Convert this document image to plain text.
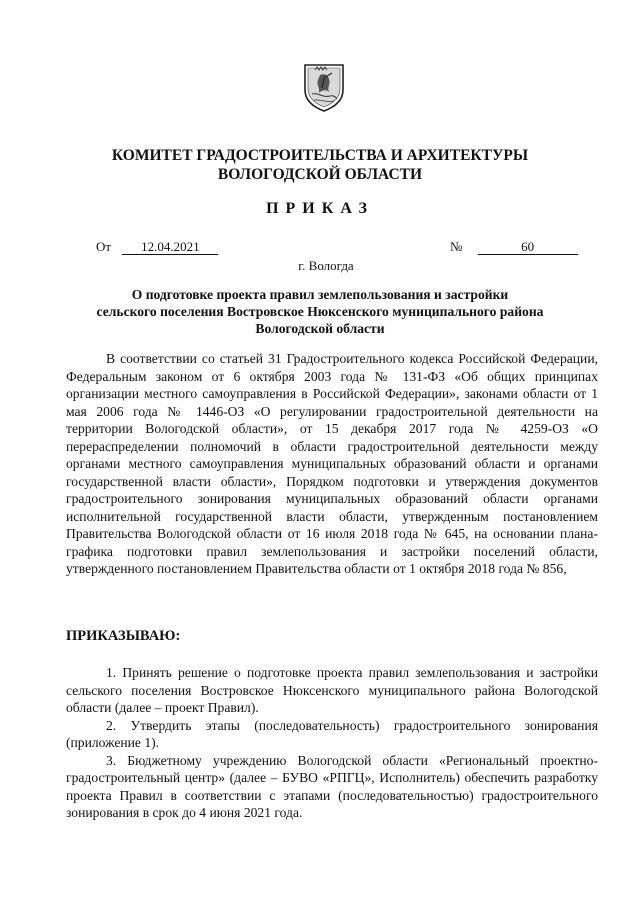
КОМИТЕТ ГРАДОСТРОИТЕЛЬСТВА И АРХИТЕКТУРЫ
ВОЛОГОДСКОЙ ОБЛАСТИ
ПРИКАЗ
От 12.04.2021	№	60
г. Вологда
О подготовке проекта правил землепользования и застройки
сельского поселения Востровское Нюксенского муниципального района
Вологодской области

В соответствии со статьей 31 Градостроительного кодекса Российской Федерации, Федеральным законом от 6 октября 2003 года № 131-ФЗ «Об общих принципах организации местного самоуправления в Российской Федерации», законами области от 1 мая 2006 года № 1446-ОЗ «О регулировании градостроительной деятельности на территории Вологодской области», от 15 декабря 2017 года № 4259-ОЗ «О перераспределении полномочий в области градостроительной деятельности между органами местного самоуправления муниципальных образований области и органами государственной власти области», Порядком подготовки и утверждения документов градостроительного зонирования муниципальных образований области органами исполнительной государственной власти области, утвержденным постановлением Правительства Вологодской области от 16 июля 2018 года № 645, на основании плана-графика подготовки правил землепользования и застройки поселений области, утвержденного постановлением Правительства области от 1 октября 2018 года № 856,

ПРИКАЗЫВАЮ:

1. Принять решение о подготовке проекта правил землепользования и застройки сельского поселения Востровское Нюксенского муниципального района Вологодской области (далее – проект Правил).

2. Утвердить этапы (последовательность) градостроительного зонирования (приложение 1).

3. Бюджетному учреждению Вологодской области «Региональный проектно-градостроительный центр» (далее – БУВО «РПГЦ», Исполнитель) обеспечить разработку проекта Правил в соответствии с этапами (последовательностью) градостроительного зонирования в срок до 4 июня 2021 года.
